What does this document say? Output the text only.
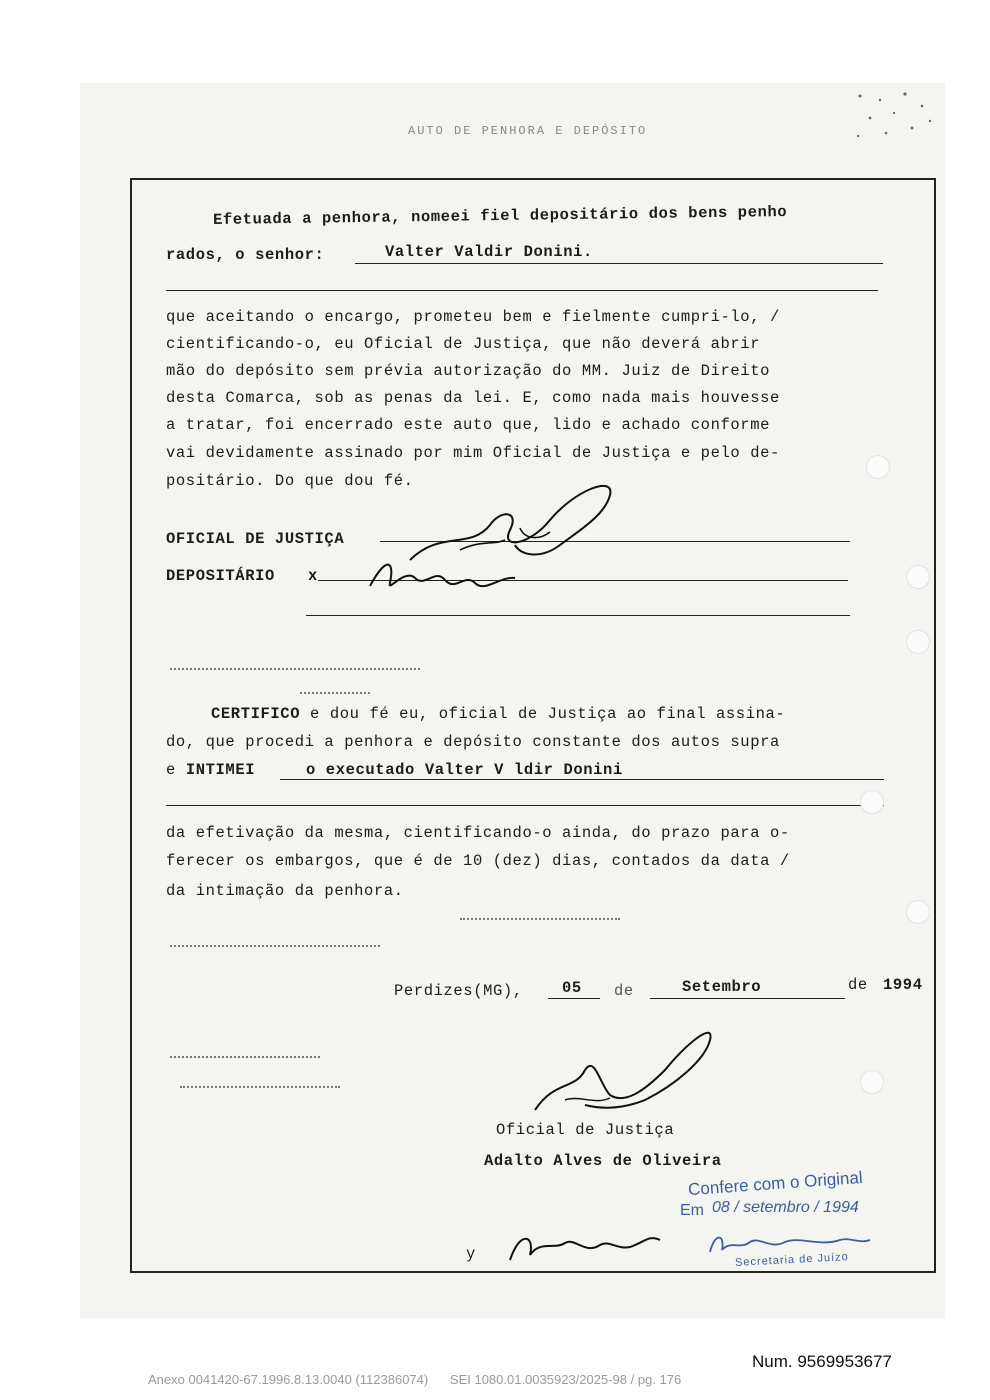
AUTO DE PENHORA E DEPÓSITO
Efetuada a penhora, nomeei fiel depositário dos bens penho
rados, o senhor:	Valter Valdir Donini.
que aceitando o encargo, prometeu bem e fielmente cumpri-lo, /
cientificando-o, eu Oficial de Justiça, que não deverá abrir
mão do depósito sem prévia autorização do MM. Juiz de Direito
desta Comarca, sob as penas da lei. E, como nada mais houvesse
a tratar, foi encerrado este auto que, lido e achado conforme
vai devidamente assinado por mim Oficial de Justiça e pelo de-
positário. Do que dou fé.
OFICIAL DE JUSTIÇA
DEPOSITÁRIO x
CERTIFICO e dou fé eu, oficial de Justiça ao final assina-
do, que procedi a penhora e depósito constante dos autos supra
e INTIMEI	o executado Valter V ldir Donini
da efetivação da mesma, cientificando-o ainda, do prazo para o-
ferecer os embargos, que é de 10 (dez) dias, contados da data /
da intimação da penhora.
Perdizes(MG),	05 de	Setembro	de 1994
Oficial de Justiça
Adalto Alves de Oliveira
Confere com o Original
Em 08 / setembro / 1994
Secretaria de Juízo
y
Num. 9569953677
Anexo 0041420-67.1996.8.13.0040 (112386074)      SEI 1080.01.0035923/2025-98 / pg. 176
